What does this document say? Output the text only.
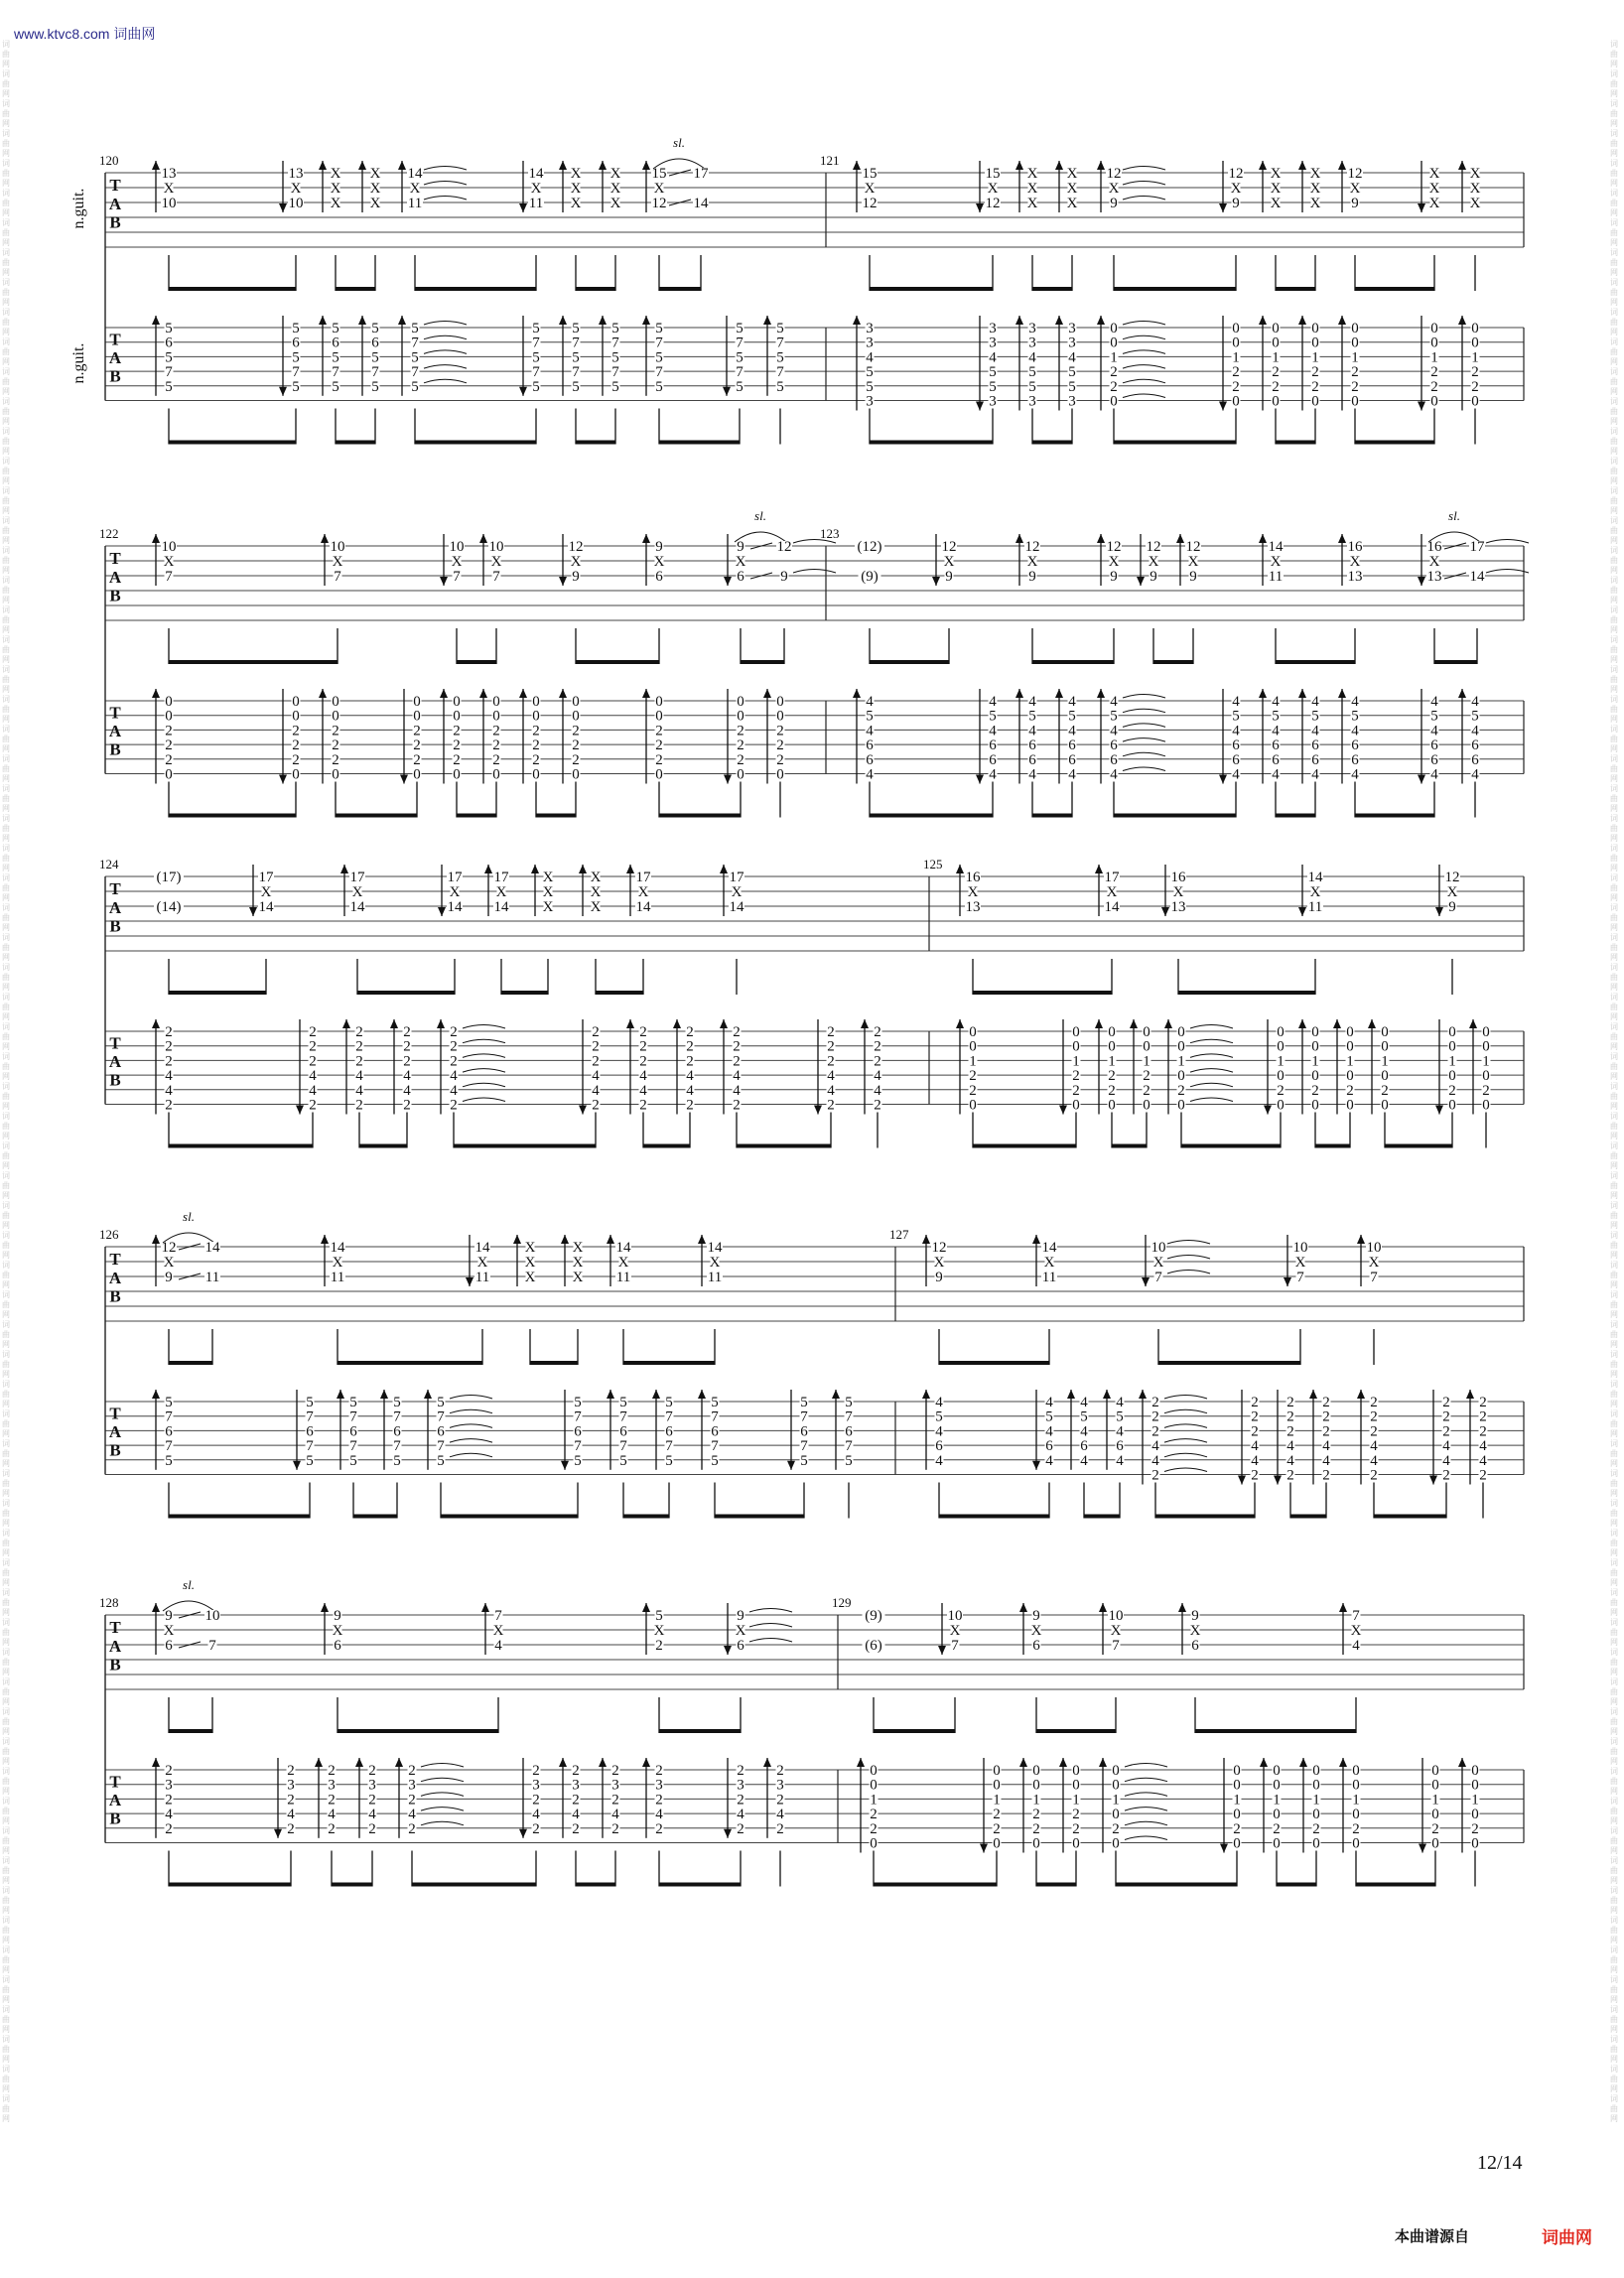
www.ktvc8.com 词曲网
词曲网 词曲网 词曲网 词曲网 词曲网 词曲网 词曲网 词曲网 词曲网 词曲网 词曲网 词曲网 词曲网 词曲网 词曲网 词曲网 词曲网 词曲网 词曲网 词曲网 词曲网 词曲网 词曲网 词曲网 词曲网 词曲网 词曲网 词曲网 词曲网 词曲网 词曲网 词曲网 词曲网 词曲网 词曲网 词曲网 词曲网 词曲网 词曲网 词曲网 词曲网 词曲网 词曲网 词曲网 词曲网 词曲网 词曲网 词曲网 词曲网 词曲网 词曲网 词曲网 词曲网 词曲网 词曲网 词曲网 词曲网 词曲网 词曲网 词曲网 词曲网 词曲网 词曲网 词曲网 词曲网 词曲网 词曲网 词曲网 词曲网 词曲网
词曲网 词曲网 词曲网 词曲网 词曲网 词曲网 词曲网 词曲网 词曲网 词曲网 词曲网 词曲网 词曲网 词曲网 词曲网 词曲网 词曲网 词曲网 词曲网 词曲网 词曲网 词曲网 词曲网 词曲网 词曲网 词曲网 词曲网 词曲网 词曲网 词曲网 词曲网 词曲网 词曲网 词曲网 词曲网 词曲网 词曲网 词曲网 词曲网 词曲网 词曲网 词曲网 词曲网 词曲网 词曲网 词曲网 词曲网 词曲网 词曲网 词曲网 词曲网 词曲网 词曲网 词曲网 词曲网 词曲网 词曲网 词曲网 词曲网 词曲网 词曲网 词曲网 词曲网 词曲网 词曲网 词曲网 词曲网 词曲网 词曲网 词曲网
T
A
B
T
A
B
n.guit.
n.guit.
120
13
X
10
13
X
10
X
X
X
X
X
X
14
X
11
14
X
11
X
X
X
X
X
X
15
X
12
sl.
17
14
5
6
5
7
5
5
6
5
7
5
5
6
5
7
5
5
6
5
7
5
5
7
5
7
5
5
7
5
7
5
5
7
5
7
5
5
7
5
7
5
5
7
5
7
5
5
7
5
7
5
5
7
5
7
5
121
15
X
12
15
X
12
X
X
X
X
X
X
12
X
9
12
X
9
X
X
X
X
X
X
12
X
9
X
X
X
X
X
X
3
3
4
5
5
3
3
3
4
5
5
3
3
3
4
5
5
3
3
3
4
5
5
3
0
0
1
2
2
0
0
0
1
2
2
0
0
0
1
2
2
0
0
0
1
2
2
0
0
0
1
2
2
0
0
0
1
2
2
0
0
0
1
2
2
0
T
A
B
T
A
B
122
10
X
7
10
X
7
10
X
7
10
X
7
12
X
9
9
X
6
9
X
6
sl.
12
9
0
0
2
2
2
0
0
0
2
2
2
0
0
0
2
2
2
0
0
0
2
2
2
0
0
0
2
2
2
0
0
0
2
2
2
0
0
0
2
2
2
0
0
0
2
2
2
0
0
0
2
2
2
0
0
0
2
2
2
0
0
0
2
2
2
0
123
(12)
(9)
12
X
9
12
X
9
12
X
9
12
X
9
12
X
9
14
X
11
16
X
13
16
X
13
sl.
17
14
4
5
4
6
6
4
4
5
4
6
6
4
4
5
4
6
6
4
4
5
4
6
6
4
4
5
4
6
6
4
4
5
4
6
6
4
4
5
4
6
6
4
4
5
4
6
6
4
4
5
4
6
6
4
4
5
4
6
6
4
4
5
4
6
6
4
T
A
B
T
A
B
124
(17)
(14)
17
X
14
17
X
14
17
X
14
17
X
14
X
X
X
X
X
X
17
X
14
17
X
14
2
2
2
4
4
2
2
2
2
4
4
2
2
2
2
4
4
2
2
2
2
4
4
2
2
2
2
4
4
2
2
2
2
4
4
2
2
2
2
4
4
2
2
2
2
4
4
2
2
2
2
4
4
2
2
2
2
4
4
2
2
2
2
4
4
2
125
16
X
13
17
X
14
16
X
13
14
X
11
12
X
9
0
0
1
2
2
0
0
0
1
2
2
0
0
0
1
2
2
0
0
0
1
2
2
0
0
0
1
0
2
0
0
0
1
0
2
0
0
0
1
0
2
0
0
0
1
0
2
0
0
0
1
0
2
0
0
0
1
0
2
0
0
0
1
0
2
0
T
A
B
T
A
B
126
12
X
9
sl.
14
11
14
X
11
14
X
11
X
X
X
X
X
X
14
X
11
14
X
11
5
7
6
7
5
5
7
6
7
5
5
7
6
7
5
5
7
6
7
5
5
7
6
7
5
5
7
6
7
5
5
7
6
7
5
5
7
6
7
5
5
7
6
7
5
5
7
6
7
5
5
7
6
7
5
127
12
X
9
14
X
11
10
X
7
10
X
7
10
X
7
4
5
4
6
4
4
5
4
6
4
4
5
4
6
4
4
5
4
6
4
2
2
2
4
4
2
2
2
2
4
4
2
2
2
2
4
4
2
2
2
2
4
4
2
2
2
2
4
4
2
2
2
2
4
4
2
2
2
2
4
4
2
T
A
B
T
A
B
128
9
X
6
sl.
10
7
9
X
6
7
X
4
5
X
2
9
X
6
2
3
2
4
2
2
3
2
4
2
2
3
2
4
2
2
3
2
4
2
2
3
2
4
2
2
3
2
4
2
2
3
2
4
2
2
3
2
4
2
2
3
2
4
2
2
3
2
4
2
2
3
2
4
2
129
(9)
(6)
10
X
7
9
X
6
10
X
7
9
X
6
7
X
4
0
0
1
2
2
0
0
0
1
2
2
0
0
0
1
2
2
0
0
0
1
2
2
0
0
0
1
0
2
0
0
0
1
0
2
0
0
0
1
0
2
0
0
0
1
0
2
0
0
0
1
0
2
0
0
0
1
0
2
0
0
0
1
0
2
0
12/14
本曲谱源自	词曲网
